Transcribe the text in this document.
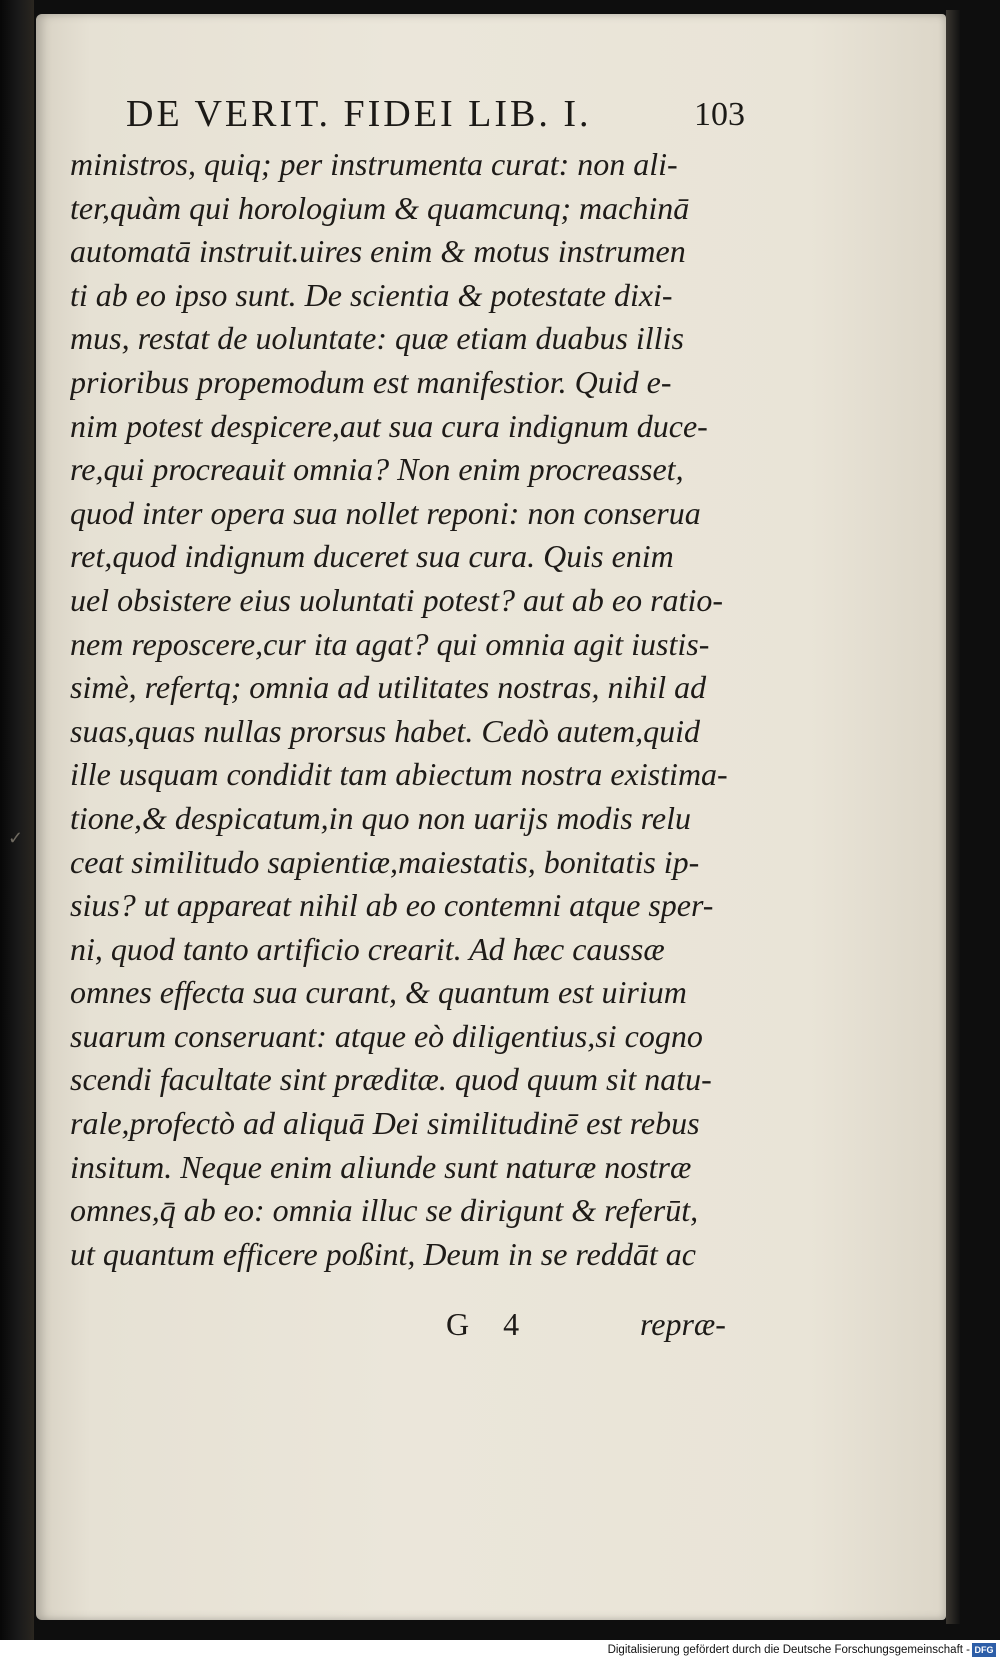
✓
DE VERIT. FIDEI LIB. I.	103
ministros, quiq; per instrumenta curat: non ali-
ter,quàm qui horologium & quamcunq; machinā
automatā instruit.uires enim & motus instrumen
ti ab eo ipso sunt. De scientia & potestate dixi-
mus, restat de uoluntate: quæ etiam duabus illis
prioribus propemodum est manifestior. Quid e-
nim potest despicere,aut sua cura indignum duce-
re,qui procreauit omnia? Non enim procreasset,
quod inter opera sua nollet reponi: non conserua
ret,quod indignum duceret sua cura. Quis enim
uel obsistere eius uoluntati potest? aut ab eo ratio-
nem reposcere,cur ita agat? qui omnia agit iustis-
simè, refertq; omnia ad utilitates nostras, nihil ad
suas,quas nullas prorsus habet. Cedò autem,quid
ille usquam condidit tam abiectum nostra existima-
tione,& despicatum,in quo non uarijs modis relu
ceat similitudo sapientiæ,maiestatis, bonitatis ip-
sius? ut appareat nihil ab eo contemni atque sper-
ni, quod tanto artificio crearit. Ad hæc caussæ
omnes effecta sua curant, & quantum est uirium
suarum conseruant: atque eò diligentius,si cogno
scendi facultate sint præditæ. quod quum sit natu-
rale,profectò ad aliquā Dei similitudinē est rebus
insitum. Neque enim aliunde sunt naturæ nostræ
omnes,q̄ ab eo: omnia illuc se dirigunt & referūt,
ut quantum efficere poßint, Deum in se reddāt ac
G 4	repræ-
Digitalisierung gefördert durch die Deutsche Forschungsgemeinschaft - DFG
